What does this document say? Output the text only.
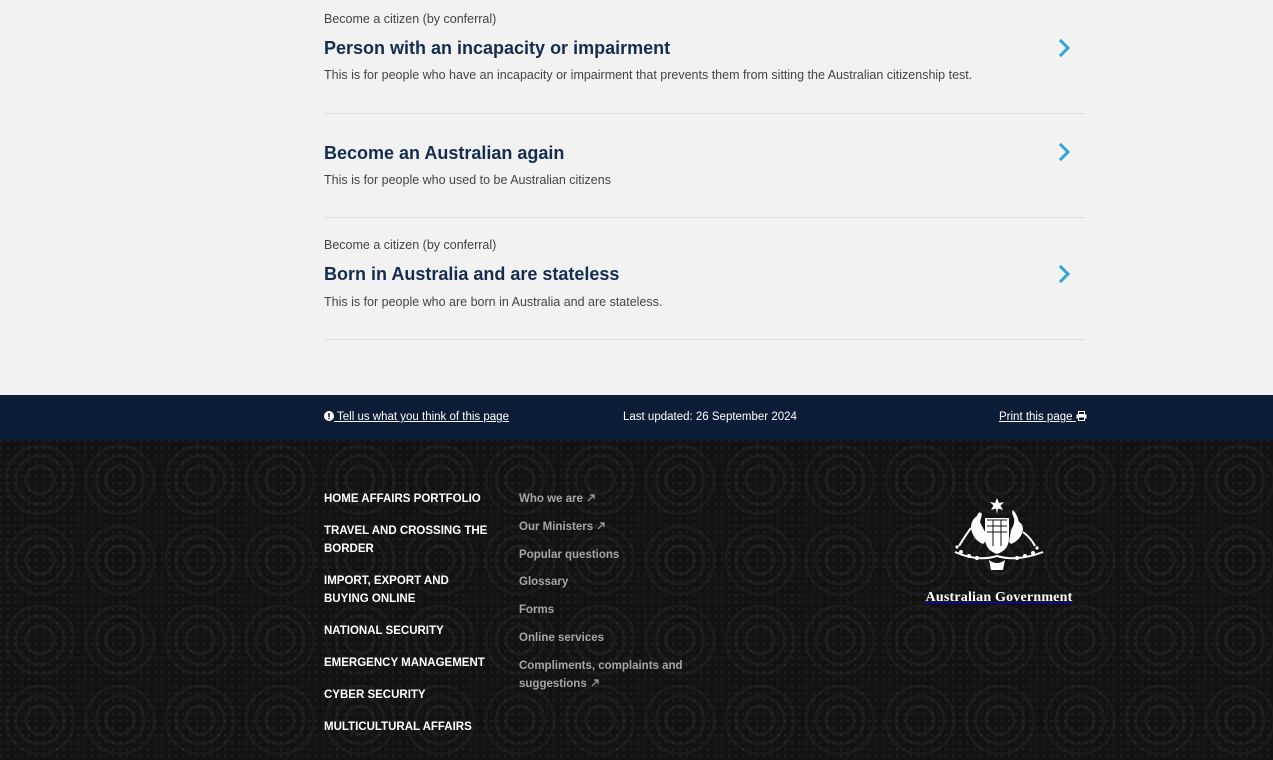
Become a citizen (by conferral)
Person with an incapacity or impairment
This is for people who have an incapacity or impairment that prevents them from sitting the Australian citizenship test.
Become an Australian again
This is for people who used to be Australian citizens
Become a citizen (by conferral)
Born in Australia and are stateless
This is for people who are born in Australia and are stateless.
Tell us what you think of this page	Last updated: 26 September 2024	Print this page
HOME AFFAIRS PORTFOLIO
TRAVEL AND CROSSING THE BORDER
IMPORT, EXPORT AND BUYING ONLINE
NATIONAL SECURITY
EMERGENCY MANAGEMENT
CYBER SECURITY
MULTICULTURAL AFFAIRS
Who we are
Our Ministers
Popular questions
Glossary
Forms
Online services
Compliments, complaints and suggestions
Australian Government
